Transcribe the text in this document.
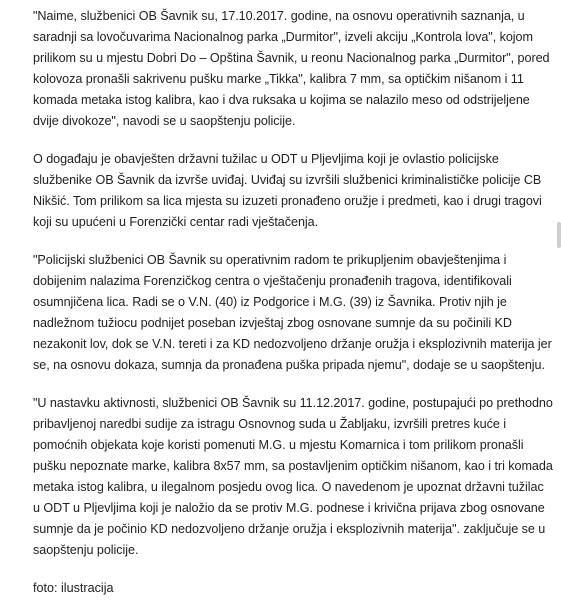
"Naime, službenici OB Šavnik su, 17.10.2017. godine, na osnovu operativnih saznanja, u saradnji sa lovočuvarima Nacionalnog parka „Durmitor", izveli akciju „Kontrola lova", kojom prilikom su u mjestu Dobri Do – Opština Šavnik, u reonu Nacionalnog parka „Durmitor", pored kolovoza pronašli sakrivenu pušku marke „Tikka", kalibra 7 mm, sa optičkim nišanom i 11 komada metaka istog kalibra, kao i dva ruksaka u kojima se nalazilo meso od odstrijeljene dvije divokoze", navodi se u saopštenju policije.

O događaju je obavješten državni tužilac u ODT u Pljevljima koji je ovlastio policijske službenike OB Šavnik da izvrše uviđaj. Uviđaj su izvršili službenici kriminalističke policije CB Nikšić. Tom prilikom sa lica mjesta su izuzeti pronađeno oružje i predmeti, kao i drugi tragovi koji su upućeni u Forenzički centar radi vještačenja.

"Policijski službenici OB Šavnik su operativnim radom te prikupljenim obavještenjima i dobijenim nalazima Forenzičkog centra o vještačenju pronađenih tragova, identifikovali osumnjičena lica. Radi se o V.N. (40) iz Podgorice i M.G. (39) iz Šavnika. Protiv njih je nadležnom tužiocu podnijet poseban izvještaj zbog osnovane sumnje da su počinili KD nezakonit lov, dok se V.N. tereti i za KD nedozvoljeno držanje oružja i eksplozivnih materija jer se, na osnovu dokaza, sumnja da pronađena puška pripada njemu", dodaje se u saopštenju.

"U nastavku aktivnosti, službenici OB Šavnik su 11.12.2017. godine, postupajući po prethodno pribavljenoj naredbi sudije za istragu Osnovnog suda u Žabljaku, izvršili pretres kuće i pomoćnih objekata koje koristi pomenuti M.G. u mjestu Komarnica i tom prilikom pronašli pušku nepoznate marke, kalibra 8x57 mm, sa postavljenim optičkim nišanom, kao i tri komada metaka istog kalibra, u ilegalnom posjedu ovog lica. O navedenom je upoznat državni tužilac u ODT u Pljevljima koji je naložio da se protiv M.G. podnese i krivična prijava zbog osnovane sumnje da je počinio KD nedozvoljeno držanje oružja i eksplozivnih materija". zaključuje se u saopštenju policije.

foto: ilustracija
